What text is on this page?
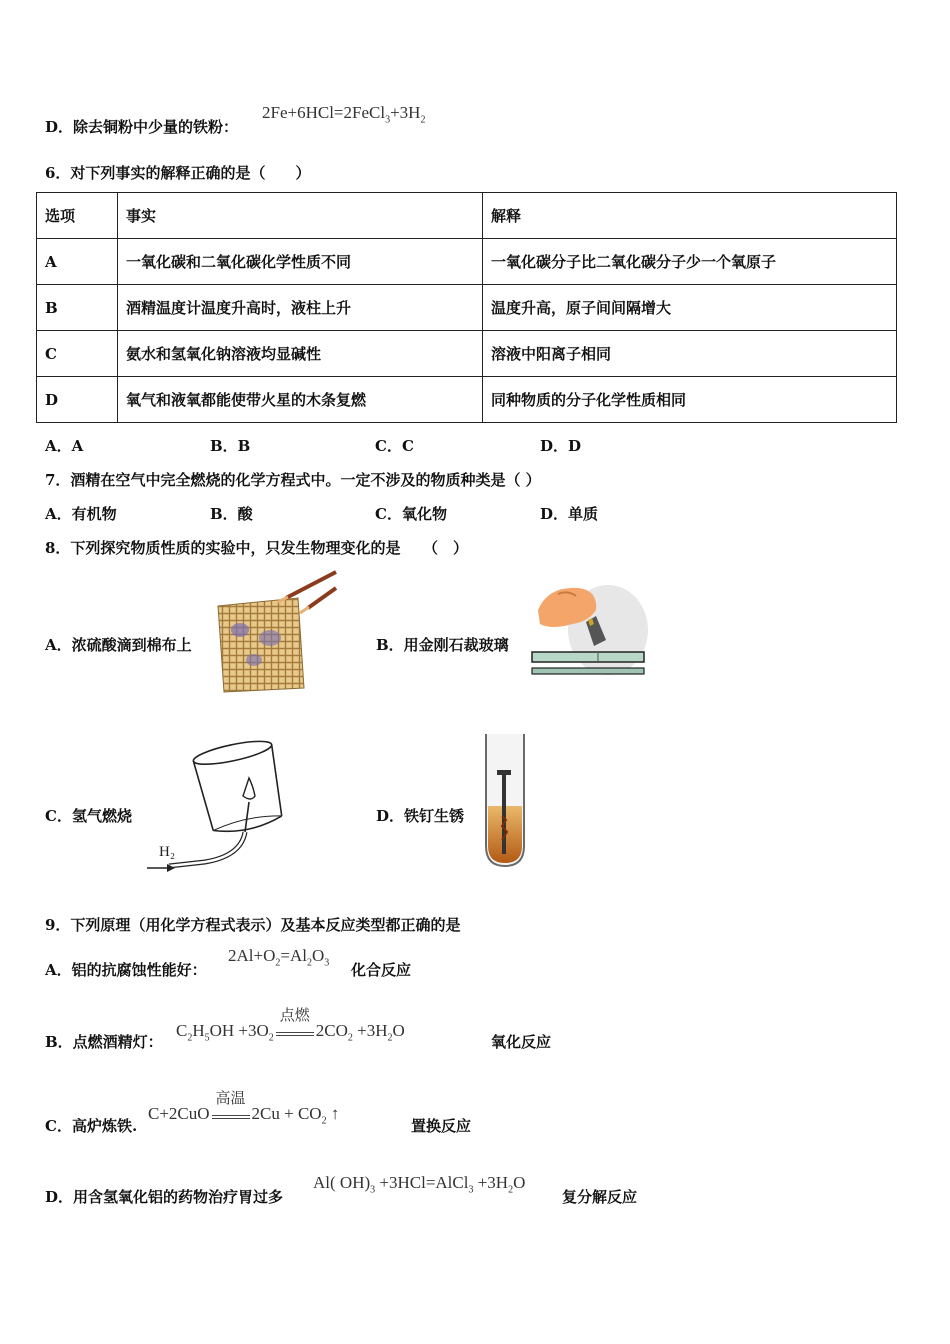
D．除去铜粉中少量的铁粉：
$2Fe+6HCl=2FeCl_3+3H_2$
6．对下列事实的解释正确的是（　　）
选项	事实	解释
A	一氧化碳和二氧化碳化学性质不同	一氧化碳分子比二氧化碳分子少一个氧原子
B	酒精温度计温度升高时，液柱上升	温度升高，原子间间隔增大
C	氨水和氢氧化钠溶液均显碱性	溶液中阳离子相同
D	氧气和液氧都能使带火星的木条复燃	同种物质的分子化学性质相同
A．A	B．B	C．C	D．D
7．酒精在空气中完全燃烧的化学方程式中。一定不涉及的物质种类是（ ）
A．有机物	B．酸	C．氧化物	D．单质
8．下列探究物质性质的实验中，只发生物理变化的是　　（　）
A．浓硫酸滴到棉布上	B．用金刚石裁玻璃
C．氢气燃烧	D．铁钉生锈
H₂
9．下列原理（用化学方程式表示）及基本反应类型都正确的是
A．铝的抗腐蚀性能好：
$2Al+O_2=Al_2O_3$ 化合反应
B．点燃酒精灯：
$C_2H_5OH +3O_2$
点燃
$2CO_2 +3H_2O$
氧化反应
C．高炉炼铁.
C+2CuO
高温
$2Cu + CO_2$ ↑
置换反应
D．用含氢氧化铝的药物治疗胃过多
Al( $OH)_3$ +3HCl=AlCl$_3$ $+3H_2O$
复分解反应
